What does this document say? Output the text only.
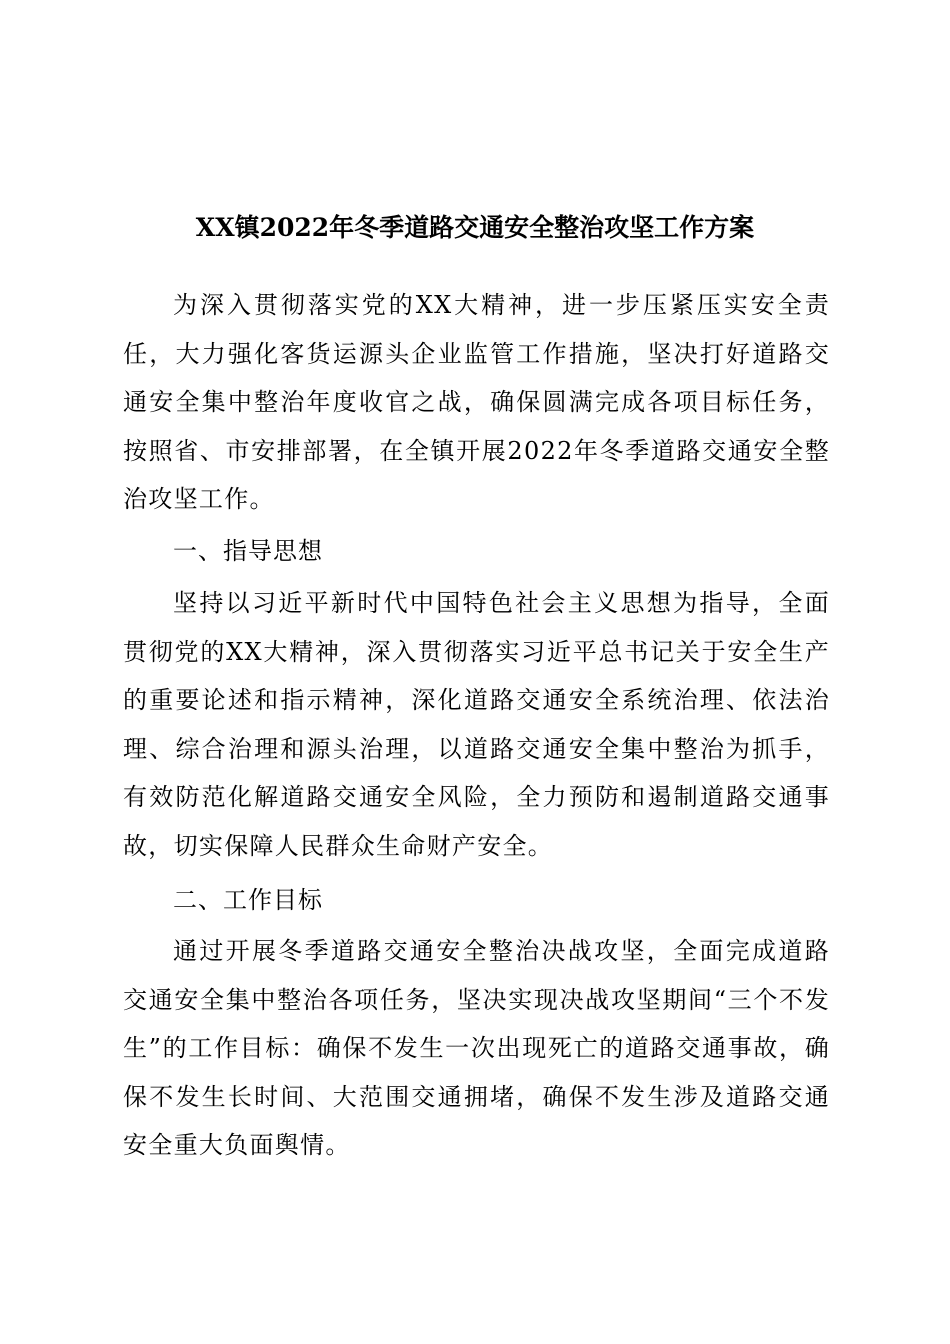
XX镇2022年冬季道路交通安全整治攻坚工作方案

为深入贯彻落实党的XX大精神，进一步压紧压实安全责任，大力强化客货运源头企业监管工作措施，坚决打好道路交通安全集中整治年度收官之战，确保圆满完成各项目标任务，按照省、市安排部署，在全镇开展2022年冬季道路交通安全整治攻坚工作。

一、指导思想

坚持以习近平新时代中国特色社会主义思想为指导，全面贯彻党的XX大精神，深入贯彻落实习近平总书记关于安全生产的重要论述和指示精神，深化道路交通安全系统治理、依法治理、综合治理和源头治理，以道路交通安全集中整治为抓手，有效防范化解道路交通安全风险，全力预防和遏制道路交通事故，切实保障人民群众生命财产安全。

二、工作目标

通过开展冬季道路交通安全整治决战攻坚，全面完成道路交通安全集中整治各项任务，坚决实现决战攻坚期间“三个不发生”的工作目标：确保不发生一次出现死亡的道路交通事故，确保不发生长时间、大范围交通拥堵，确保不发生涉及道路交通安全重大负面舆情。
